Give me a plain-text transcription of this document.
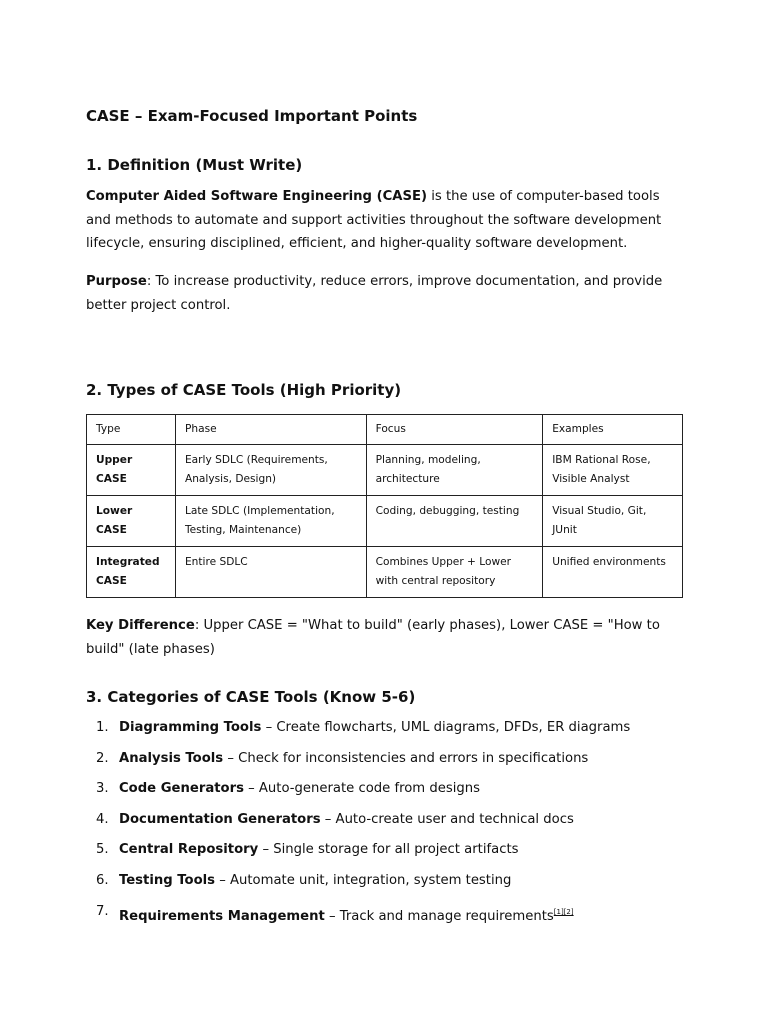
CASE – Exam-Focused Important Points
1. Definition (Must Write)

Computer Aided Software Engineering (CASE) is the use of computer-based tools and methods to automate and support activities throughout the software development lifecycle, ensuring disciplined, efficient, and higher-quality software development.

Purpose: To increase productivity, reduce errors, improve documentation, and provide better project control.

2. Types of CASE Tools (High Priority)
Type	Phase	Focus	Examples
Upper CASE	Early SDLC (Requirements, Analysis, Design)	Planning, modeling, architecture	IBM Rational Rose, Visible Analyst
Lower CASE	Late SDLC (Implementation, Testing, Maintenance)	Coding, debugging, testing	Visual Studio, Git, JUnit
Integrated CASE	Entire SDLC	Combines Upper + Lower with central repository	Unified environments

Key Difference: Upper CASE = "What to build" (early phases), Lower CASE = "How to build" (late phases)

3. Categories of CASE Tools (Know 5-6)
1. Diagramming Tools – Create flowcharts, UML diagrams, DFDs, ER diagrams
2. Analysis Tools – Check for inconsistencies and errors in specifications
3. Code Generators – Auto-generate code from designs
4. Documentation Generators – Auto-create user and technical docs
5. Central Repository – Single storage for all project artifacts
6. Testing Tools – Automate unit, integration, system testing
7. Requirements Management – Track and manage requirements[1][2]
